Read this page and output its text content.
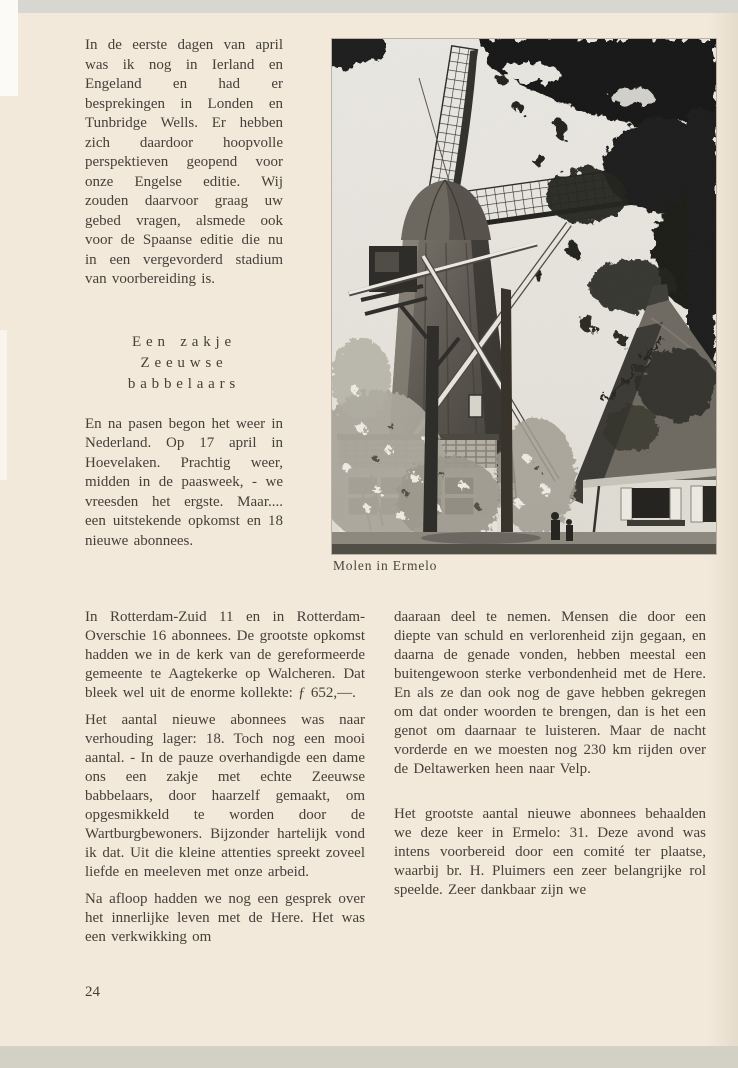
In de eerste dagen van april was ik nog in Ierland en Engeland en had er besprekingen in Londen en Tunbridge Wells. Er hebben zich daardoor hoopvolle perspektieven geopend voor onze Engelse editie. Wij zouden daarvoor graag uw gebed vragen, alsmede ook voor de Spaanse editie die nu in een vergevorderd stadium van voorbereiding is.

Een zakje
Zeeuwse
babbelaars

En na pasen begon het weer in Nederland. Op 17 april in Hoevelaken. Prachtig weer, midden in de paasweek, - we vreesden het ergste. Maar.... een uitstekende opkomst en 18 nieuwe abonnees.

Molen in Ermelo

In Rotterdam-Zuid 11 en in Rotterdam-Overschie 16 abonnees. De grootste opkomst hadden we in de kerk van de gereformeerde gemeente te Aagtekerke op Walcheren. Dat bleek wel uit de enorme kollekte: ƒ 652,—.

Het aantal nieuwe abonnees was naar verhouding lager: 18. Toch nog een mooi aantal. - In de pauze overhandigde een dame ons een zakje met echte Zeeuwse babbelaars, door haarzelf gemaakt, om opgesmikkeld te worden door de Wartburgbewoners. Bijzonder hartelijk vond ik dat. Uit die kleine attenties spreekt zoveel liefde en meeleven met onze arbeid.

Na afloop hadden we nog een gesprek over het innerlijke leven met de Here. Het was een verkwikking om

daaraan deel te nemen. Mensen die door een diepte van schuld en verlorenheid zijn gegaan, en daarna de genade vonden, hebben meestal een buitengewoon sterke verbondenheid met de Here. En als ze dan ook nog de gave hebben gekregen om dat onder woorden te brengen, dan is het een genot om daarnaar te luisteren. Maar de nacht vorderde en we moesten nog 230 km rijden over de Deltawerken heen naar Velp.

Het grootste aantal nieuwe abonnees behaalden we deze keer in Ermelo: 31. Deze avond was intens voorbereid door een comité ter plaatse, waarbij br. H. Pluimers een zeer belangrijke rol speelde. Zeer dankbaar zijn we

24
